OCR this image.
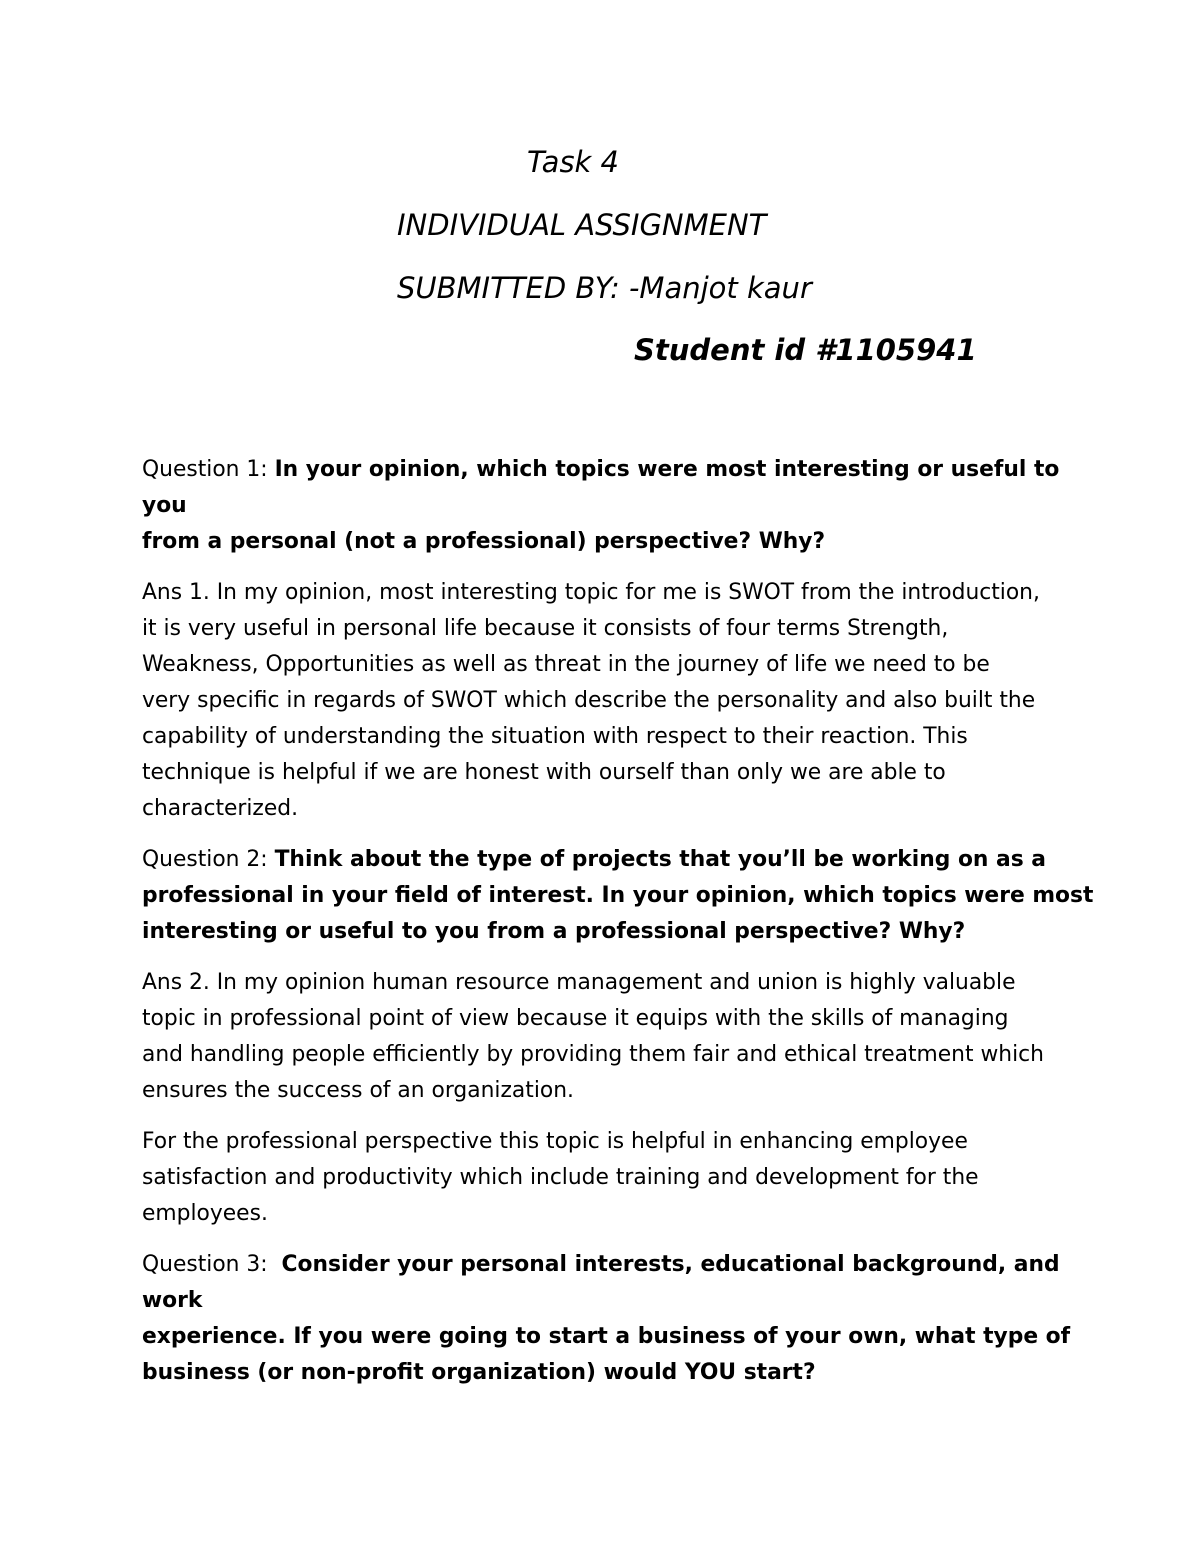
Task 4
INDIVIDUAL ASSIGNMENT
SUBMITTED BY: -Manjot kaur
Student id #1105941

Question 1: In your opinion, which topics were most interesting or useful to you
from a personal (not a professional) perspective? Why?

Ans 1. In my opinion, most interesting topic for me is SWOT from the introduction,
it is very useful in personal life because it consists of four terms Strength,
Weakness, Opportunities as well as threat in the journey of life we need to be
very specific in regards of SWOT which describe the personality and also built the
capability of understanding the situation with respect to their reaction. This
technique is helpful if we are honest with ourself than only we are able to
characterized.

Question 2: Think about the type of projects that you’ll be working on as a
professional in your field of interest. In your opinion, which topics were most
interesting or useful to you from a professional perspective? Why?

Ans 2. In my opinion human resource management and union is highly valuable
topic in professional point of view because it equips with the skills of managing
and handling people efficiently by providing them fair and ethical treatment which
ensures the success of an organization.

For the professional perspective this topic is helpful in enhancing employee
satisfaction and productivity which include training and development for the
employees.

Question 3:  Consider your personal interests, educational background, and work
experience. If you were going to start a business of your own, what type of
business (or non-profit organization) would YOU start?
